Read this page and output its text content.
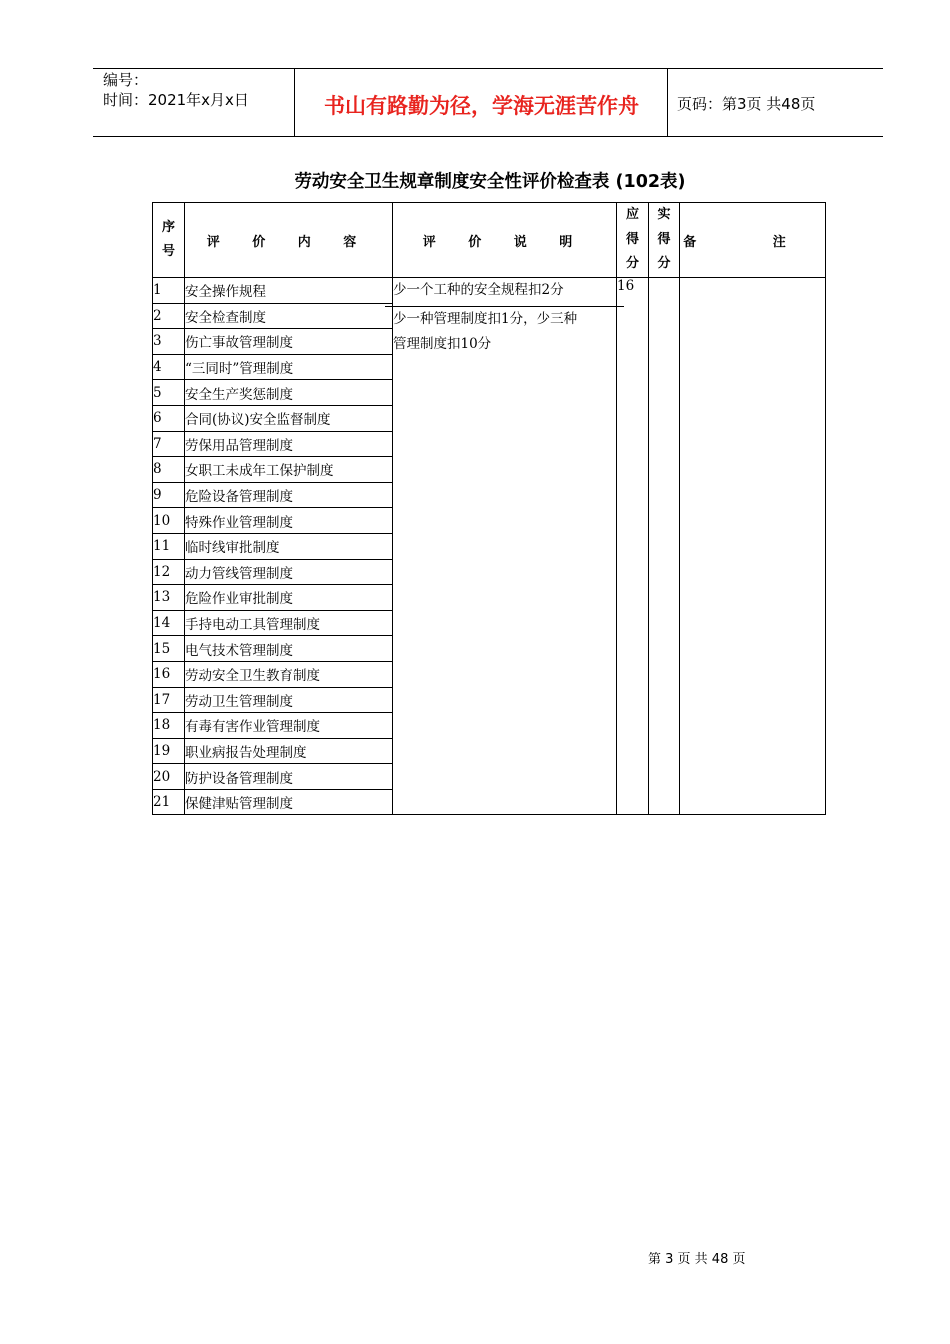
编号：
时间：2021年x月x日	书山有路勤为径，学海无涯苦作舟	页码：第3页 共48页
劳动安全卫生规章制度安全性评价检查表 (102表)
序
号	评 价 内 容	评 价 说 明	应
得
分	实
得
分	备 注
1	安全操作规程	少一个工种的安全规程扣2分
少一种管理制度扣1分，少三种
管理制度扣10分	16		
2	安全检查制度				
3	伤亡事故管理制度				
4	“三同时”管理制度				
5	安全生产奖惩制度				
6	合同(协议)安全监督制度				
7	劳保用品管理制度				
8	女职工未成年工保护制度				
9	危险设备管理制度				
10	特殊作业管理制度				
11	临时线审批制度				
12	动力管线管理制度				
13	危险作业审批制度				
14	手持电动工具管理制度				
15	电气技术管理制度				
16	劳动安全卫生教育制度				
17	劳动卫生管理制度				
18	有毒有害作业管理制度				
19	职业病报告处理制度				
20	防护设备管理制度				
21	保健津贴管理制度				
第 3 页 共 48 页
